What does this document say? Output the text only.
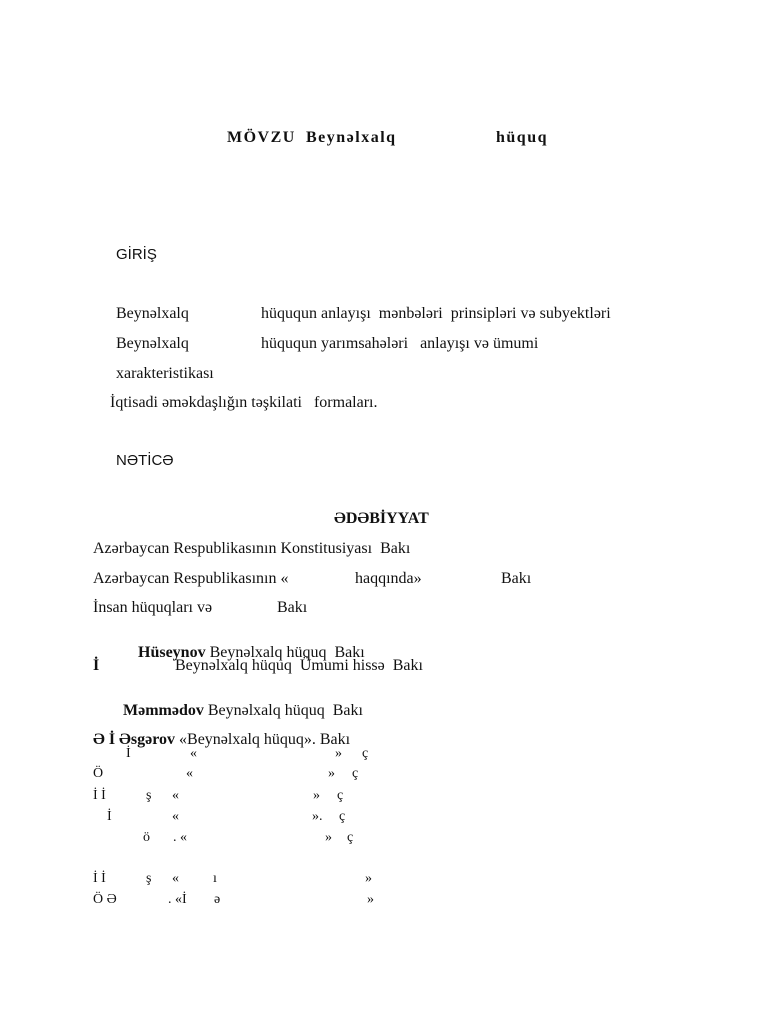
MÖVZU Beynəlxalq	hüquq
GİRİŞ
Beynəlxalq	hüququn anlayışı  mənbələri  prinsipləri və subyektləri
Beynəlxalq	hüququn yarımsahələri   anlayışı və ümumi
xarakteristikası
İqtisadi əməkdaşlığın təşkilati   formaları.
NƏTİCƏ
ƏDƏBİYYAT
Azərbaycan Respublikasının Konstitusiyası  Bakı
Azərbaycan Respublikasının «	haqqında»	Bakı
İnsan hüquqları və	Bakı

Hüseynov Beynəlxalq hüquq  Bakı

İ	Beynəlxalq hüquq  Ümumi hissə  Bakı

Məmmədov Beynəlxalq hüquq  Bakı

Ə İ Əsgərov «Beynəlxalq hüquq». Bakı

İ	«	» ç
Ö	«	» ç
İ İ	ş «	» ç
İ	«	». ç
ö . «	» ç
İ İ	ş « ı	»
Ö Ə	. «İ ə	»
